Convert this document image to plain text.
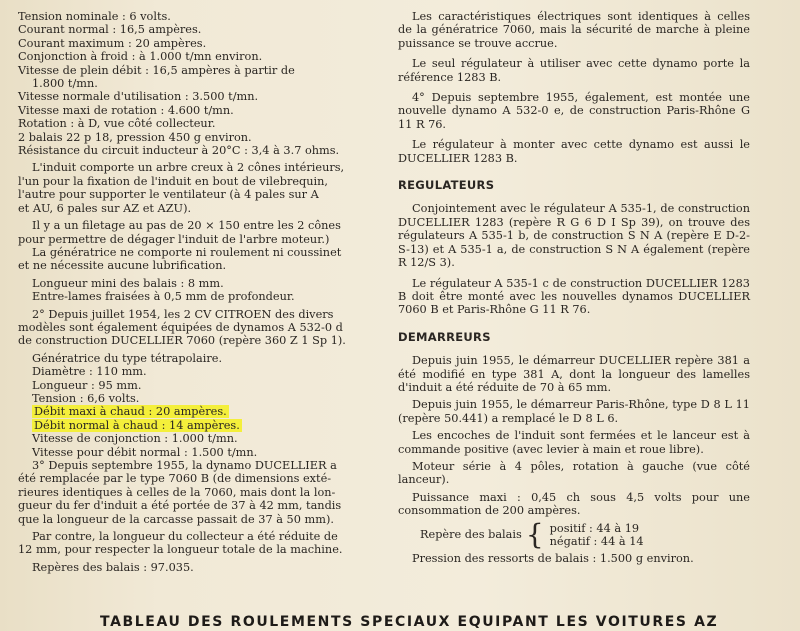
Tension nominale : 6 volts.

Courant normal : 16,5 ampères.

Courant maximum : 20 ampères.

Conjonction à froid : à 1.000 t/mn environ.

Vitesse de plein débit : 16,5 ampères à partir de

1.800 t/mn.

Vitesse normale d'utilisation : 3.500 t/mn.

Vitesse maxi de rotation : 4.600 t/mn.

Rotation : à D, vue côté collecteur.

2 balais 22 p 18, pression 450 g environ.

Résistance du circuit inducteur à 20°C : 3,4 à 3.7 ohms.

L'induit comporte un arbre creux à 2 cônes intérieurs,

l'un pour la fixation de l'induit en bout de vilebrequin,

l'autre pour supporter le ventilateur (à 4 pales sur A

et AU, 6 pales sur AZ et AZU).

Il y a un filetage au pas de 20 × 150 entre les 2 cônes

pour permettre de dégager l'induit de l'arbre moteur.)

La génératrice ne comporte ni roulement ni coussinet

et ne nécessite aucune lubrification.

Longueur mini des balais : 8 mm.

Entre-lames fraisées à 0,5 mm de profondeur.

2° Depuis juillet 1954, les 2 CV CITROEN des divers

modèles sont également équipées de dynamos A 532-0 d

de construction DUCELLIER 7060 (repère 360 Z 1 Sp 1).

Génératrice du type tétrapolaire.

Diamètre : 110 mm.

Longueur : 95 mm.

Tension : 6,6 volts.

Débit maxi à chaud : 20 ampères.

Débit normal à chaud : 14 ampères.

Vitesse de conjonction : 1.000 t/mn.

Vitesse pour débit normal : 1.500 t/mn.

3° Depuis septembre 1955, la dynamo DUCELLIER a

été remplacée par le type 7060 B (de dimensions exté-

rieures identiques à celles de la 7060, mais dont la lon-

gueur du fer d'induit a été portée de 37 à 42 mm, tandis

que la longueur de la carcasse passait de 37 à 50 mm).

Par contre, la longueur du collecteur a été réduite de

12 mm, pour respecter la longueur totale de la machine.

Repères des balais : 97.035.

Les caractéristiques électriques sont identiques à celles de la génératrice 7060, mais la sécurité de marche à pleine puissance se trouve accrue.

Le seul régulateur à utiliser avec cette dynamo porte la référence 1283 B.

4° Depuis septembre 1955, également, est montée une nouvelle dynamo A 532-0 e, de construction Paris-Rhône G 11 R 76.

Le régulateur à monter avec cette dynamo est aussi le DUCELLIER 1283 B.

REGULATEURS

Conjointement avec le régulateur A 535-1, de construction DUCELLIER 1283 (repère R G 6 D I Sp 39), on trouve des régulateurs A 535-1 b, de construction S N A (repère E D-2-S-13) et A 535-1 a, de construction S N A également (repère R 12/S 3).

Le régulateur A 535-1 c de construction DUCELLIER 1283 B doit être monté avec les nouvelles dynamos DUCELLIER 7060 B et Paris-Rhône G 11 R 76.

DEMARREURS

Depuis juin 1955, le démarreur DUCELLIER repère 381 a été modifié en type 381 A, dont la longueur des lamelles d'induit a été réduite de 70 à 65 mm.

Depuis juin 1955, le démarreur Paris-Rhône, type D 8 L 11 (repère 50.441) a remplacé le D 8 L 6.

Les encoches de l'induit sont fermées et le lanceur est à commande positive (avec levier à main et roue libre).

Moteur série à 4 pôles, rotation à gauche (vue côté lanceur).

Puissance maxi : 0,45 ch sous 4,5 volts pour une consommation de 200 ampères.

Repère des balais { positif : 44 à 19
négatif : 44 à 14

Pression des ressorts de balais : 1.500 g environ.

TABLEAU DES ROULEMENTS SPECIAUX EQUIPANT LES VOITURES AZ
